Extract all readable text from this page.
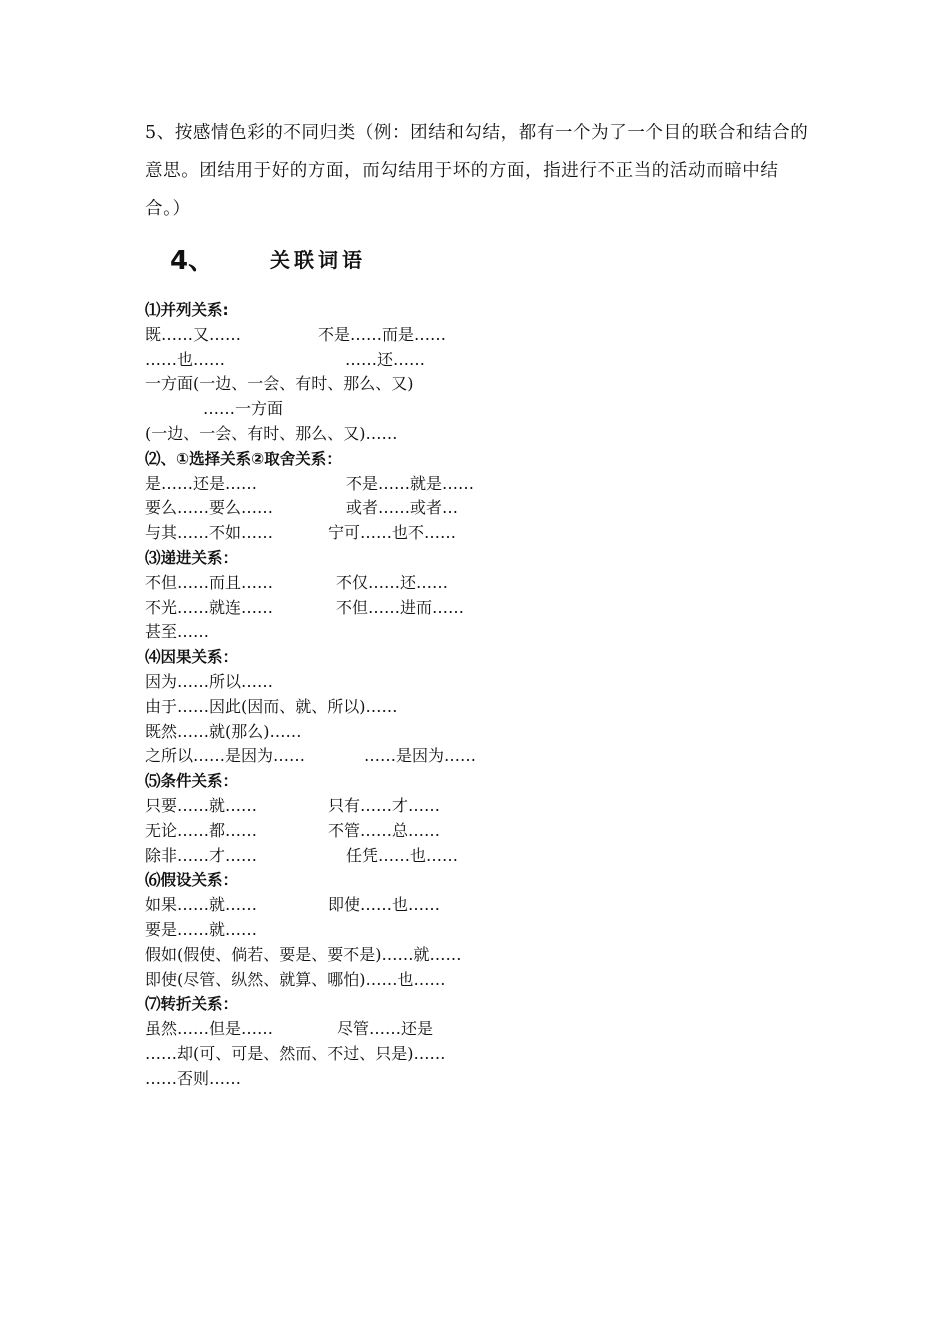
5、按感情色彩的不同归类（例：团结和勾结，都有一个为了一个目的联合和结合的意思。团结用于好的方面，而勾结用于坏的方面，指进行不正当的活动而暗中结合。）
4、	关联词语
⑴并列关系:
既……又……	不是……而是……
……也……	……还……
一方面(一边、一会、有时、那么、又)
……一方面
(一边、一会、有时、那么、又)……
⑵、①选择关系②取舍关系：
是……还是……	不是……就是……
要么……要么……	或者……或者…
与其……不如……	宁可……也不……
⑶递进关系：
不但……而且……	不仅……还……
不光……就连……	不但……进而……
甚至……
⑷因果关系：
因为……所以……
由于……因此(因而、就、所以)……
既然……就(那么)……
之所以……是因为……	……是因为……
⑸条件关系：
只要……就……	只有……才……
无论……都……	不管……总……
除非……才……	任凭……也……
⑹假设关系：
如果……就……	即使……也……
要是……就……
假如(假使、倘若、要是、要不是)……就……
即使(尽管、纵然、就算、哪怕)……也……
⑺转折关系：
虽然……但是……	尽管……还是
……却(可、可是、然而、不过、只是)……
……否则……
